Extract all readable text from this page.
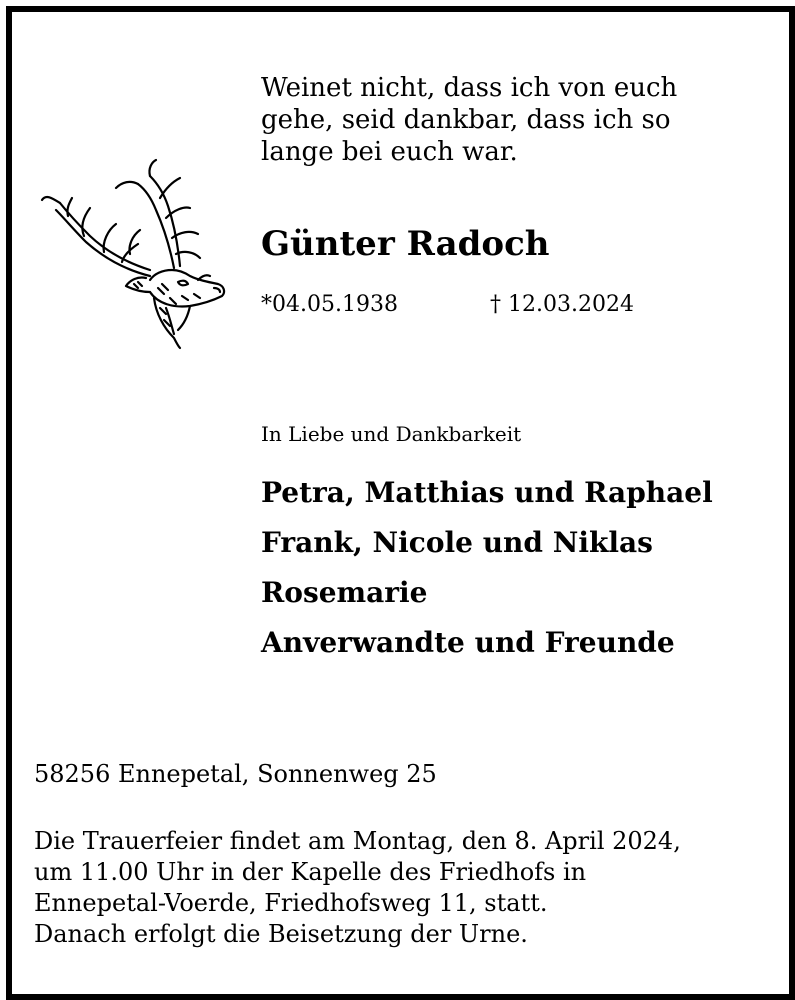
Weinet nicht, dass ich von euch
gehe, seid dankbar, dass ich so
lange bei euch war.
Günter Radoch
*04.05.1938	† 12.03.2024
In Liebe und Dankbarkeit
Petra, Matthias und Raphael
Frank, Nicole und Niklas
Rosemarie
Anverwandte und Freunde
58256 Ennepetal, Sonnenweg 25
Die Trauerfeier findet am Montag, den 8. April 2024,
um 11.00 Uhr in der Kapelle des Friedhofs in
Ennepetal-Voerde, Friedhofsweg 11, statt.
Danach erfolgt die Beisetzung der Urne.
